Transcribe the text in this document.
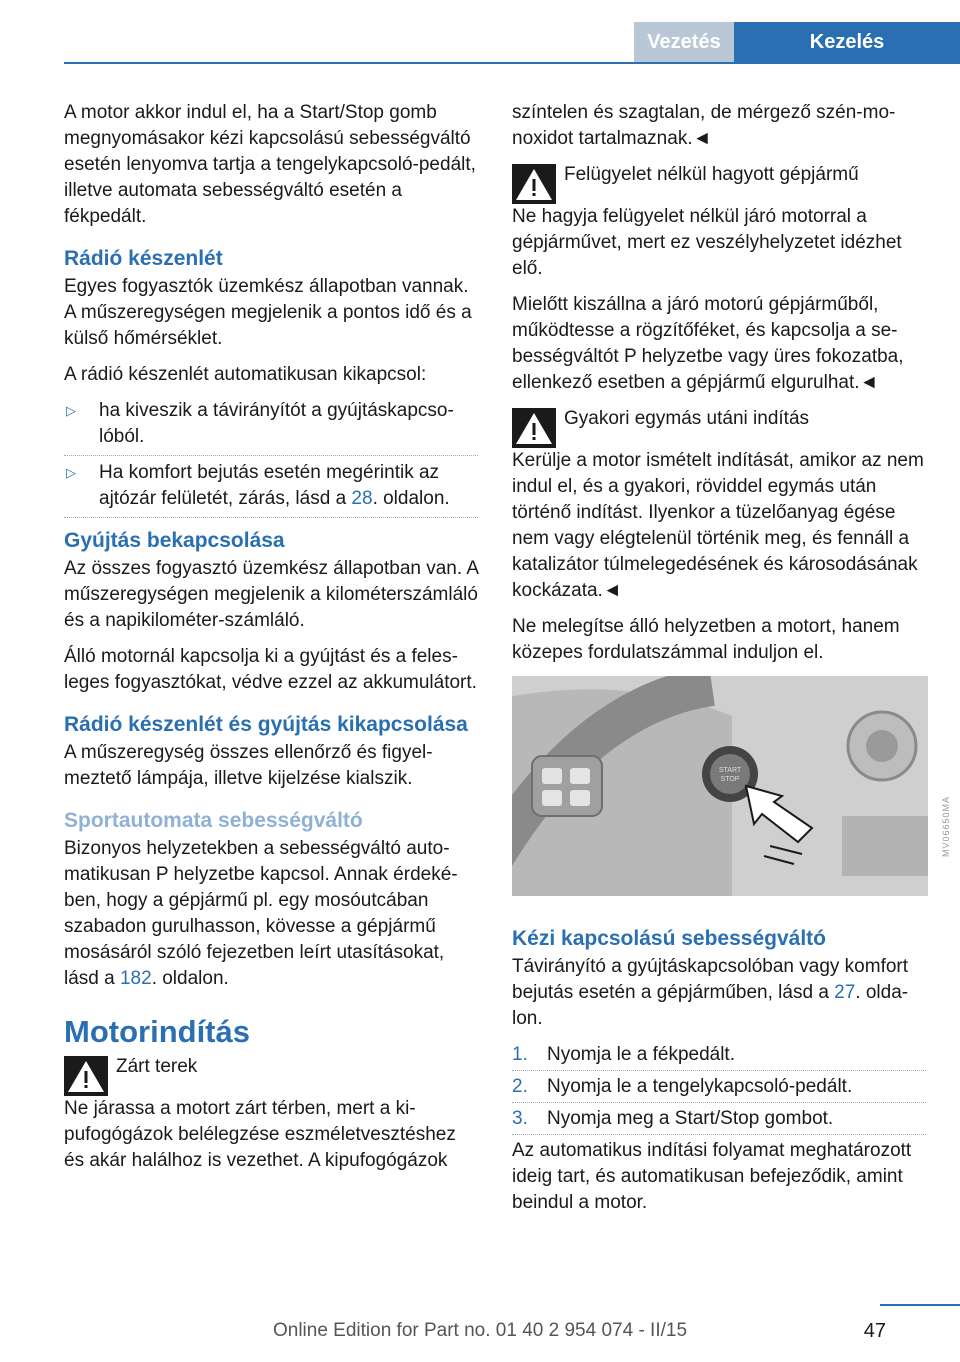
Vezetés	Kezelés

A motor akkor indul el, ha a Start/Stop gomb megnyomásakor kézi kapcsolású sebességváltó esetén lenyomva tartja a tengelykapcsoló-pedált, illetve automata sebességváltó esetén a fékpedált.

Rádió készenlét

Egyes fogyasztók üzemkész állapotban vannak. A műszeregységen megjelenik a pontos idő és a külső hőmérséklet.

A rádió készenlét automatikusan kikapcsol:

▷ ha kiveszik a távirányítót a gyújtáskapcsolóból.
▷ Ha komfort bejutás esetén megérintik az ajtózár felületét, zárás, lásd a 28. oldalon.
Gyújtás bekapcsolása

Az összes fogyasztó üzemkész állapotban van. A műszeregységen megjelenik a kilométerszámláló és a napikilométer-számláló.

Álló motornál kapcsolja ki a gyújtást és a felesleges fogyasztókat, védve ezzel az akkumulátort.

Rádió készenlét és gyújtás kikapcsolása

A műszeregység összes ellenőrző és figyelmeztető lámpája, illetve kijelzése kialszik.

Sportautomata sebességváltó

Bizonyos helyzetekben a sebességváltó automatikusan P helyzetbe kapcsol. Annak érdekében, hogy a gépjármű pl. egy mosóutcában szabadon gurulhasson, kövesse a gépjármű mosásáról szóló fejezetben leírt utasításokat, lásd a 182. oldalon.

Motorindítás
Zárt terek
Ne járassa a motort zárt térben, mert a kipufogógázok belélegzése eszméletvesztéshez és akár halálhoz is vezethet. A kipufogógázok

színtelen és szagtalan, de mérgező szén-monoxidot tartalmaznak.◄

Felügyelet nélkül hagyott gépjármű
Ne hagyja felügyelet nélkül járó motorral a gépjárművet, mert ez veszélyhelyzetet idézhet elő.

Mielőtt kiszállna a járó motorú gépjárműből, működtesse a rögzítőféket, és kapcsolja a sebességváltót P helyzetbe vagy üres fokozatba, ellenkező esetben a gépjármű elgurulhat.◄

Gyakori egymás utáni indítás
Kerülje a motor ismételt indítását, amikor az nem indul el, és a gyakori, röviddel egymás után történő indítást. Ilyenkor a tüzelőanyag égése nem vagy elégtelenül történik meg, és fennáll a katalizátor túlmelegedésének és károsodásának kockázata.◄

Ne melegítse álló helyzetben a motort, hanem közepes fordulatszámmal induljon el.

START
STOP
MV06650MA
Kézi kapcsolású sebességváltó

Távirányító a gyújtáskapcsolóban vagy komfort bejutás esetén a gépjárműben, lásd a 27. oldalon.

1. Nyomja le a fékpedált.
2. Nyomja le a tengelykapcsoló-pedált.
3. Nyomja meg a Start/Stop gombot.

Az automatikus indítási folyamat meghatározott ideig tart, és automatikusan befejeződik, amint beindul a motor.

47
Online Edition for Part no. 01 40 2 954 074 - II/15
